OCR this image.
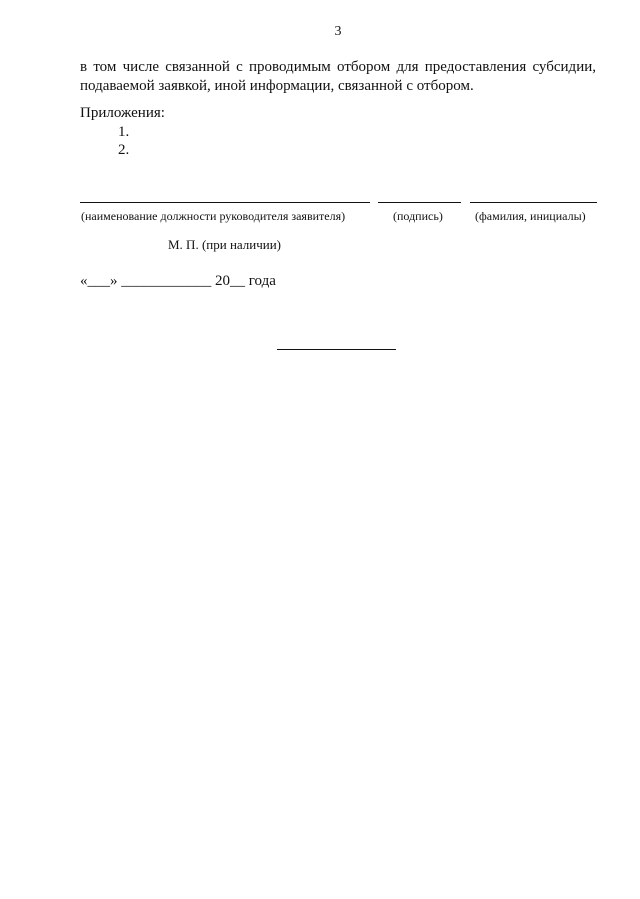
3
в том числе связанной с проводимым отбором для предоставления субсидии,
подаваемой заявкой, иной информации, связанной с отбором.
Приложения:
1.
2.
(наименование должности руководителя заявителя)	(подпись)	(фамилия, инициалы)
М. П. (при наличии)
«___» ____________ 20__ года
